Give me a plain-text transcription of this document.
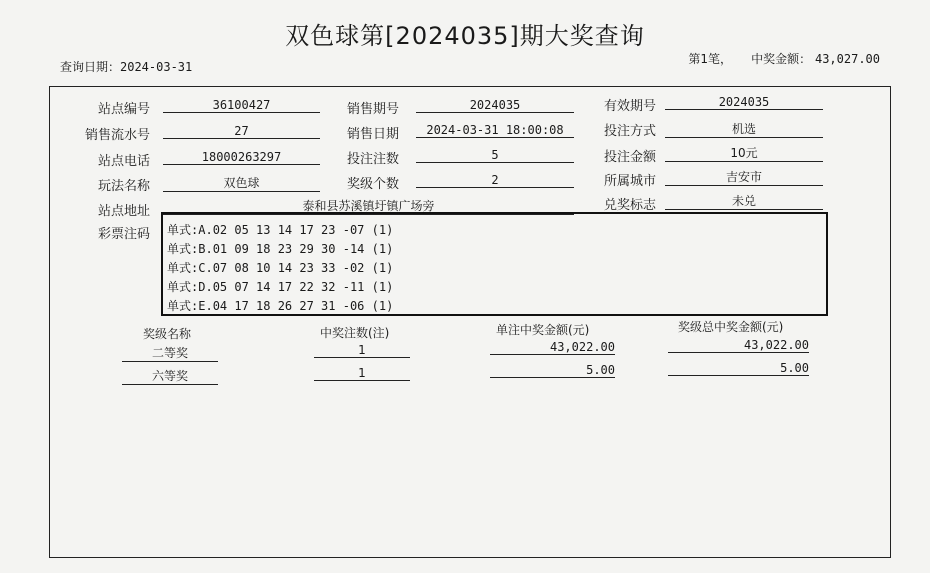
双色球第[2024035]期大奖查询
查询日期：2024-03-31
第1笔， 中奖金额： 43,027.00
站点编号	36100427	销售期号	2024035	有效期号	2024035
销售流水号	27	销售日期	2024-03-31 18:00:08	投注方式	机选
站点电话	18000263297	投注注数	5	投注金额	10元
玩法名称	双色球	奖级个数	2	所属城市	吉安市
站点地址	泰和县苏溪镇圩镇广场旁	兑奖标志	未兑
彩票注码 单式:A.02 05 13 14 17 23 -07 (1)
单式:B.01 09 18 23 29 30 -14 (1)
单式:C.07 08 10 14 23 33 -02 (1)
单式:D.05 07 14 17 22 32 -11 (1)
单式:E.04 17 18 26 27 31 -06 (1)
奖级名称	中奖注数(注)	单注中奖金额(元)	奖级总中奖金额(元)
二等奖	1	43,022.00	43,022.00
六等奖	1	5.00	5.00
